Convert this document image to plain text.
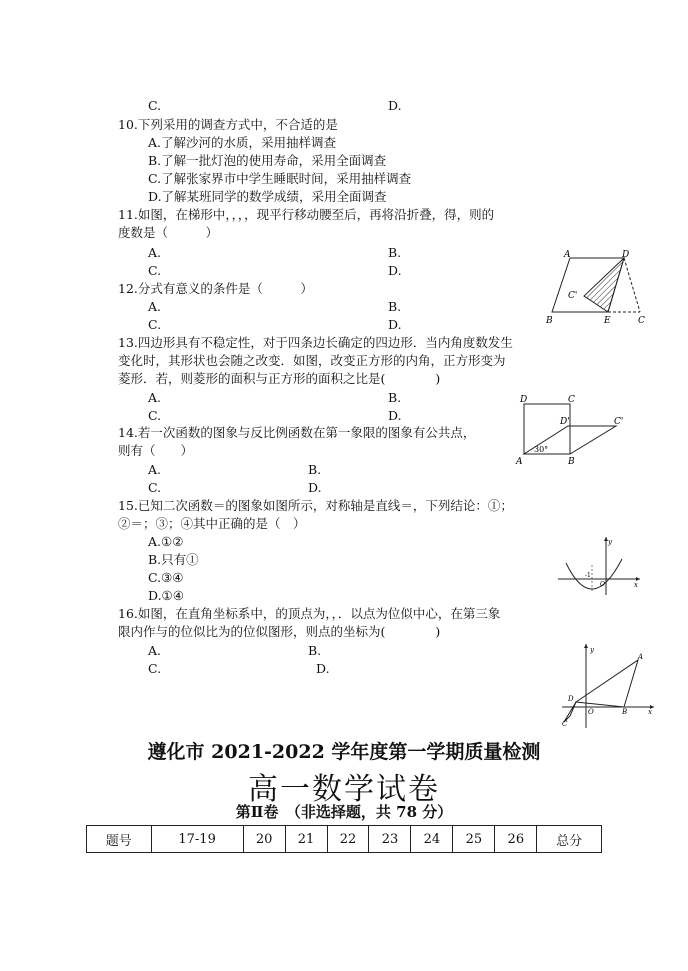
C.	D.
10.下列采用的调查方式中，不合适的是
A.了解沙河的水质，采用抽样调查
B.了解一批灯泡的使用寿命，采用全面调查
C.了解张家界市中学生睡眠时间，采用抽样调查
D.了解某班同学的数学成绩，采用全面调查
11.如图，在梯形中，，，，现平行移动腰至后，再将沿折叠，得，则的
度数是（　　　）
A.	B.
C.	D.
A	D
C'
B	E	C
12.分式有意义的条件是（　　　）
A.	B.
C.	D.
13.四边形具有不稳定性，对于四条边长确定的四边形．当内角度数发生
变化时，其形状也会随之改变．如图，改变正方形的内角，正方形变为
菱形．若，则菱形的面积与正方形的面积之比是(　　　　)
A.	B.
C.	D.
D	C
D'	C'
A
30°
B
14.若一次函数的图象与反比例函数在第一象限的图象有公共点，
则有（　　）
A.	B.
C.	D.
15.已知二次函数＝的图象如图所示，对称轴是直线＝，下列结论：①；
②＝；③；④其中正确的是（　）
A.①②
B.只有①
C.③④
D.①④
y
x
-1
O
16.如图，在直角坐标系中，的顶点为，，．以点为位似中心，在第三象
限内作与的位似比为的位似图形，则点的坐标为(　　　　)
A.	B.
C.	D.
y
A
D
O	B	x
C
遵化市 2021-2022 学年度第一学期质量检测
高一数学试卷
第Ⅱ卷　（非选择题，共 78 分）
题号	17-19	20	21	22	23	24	25	26	总分
